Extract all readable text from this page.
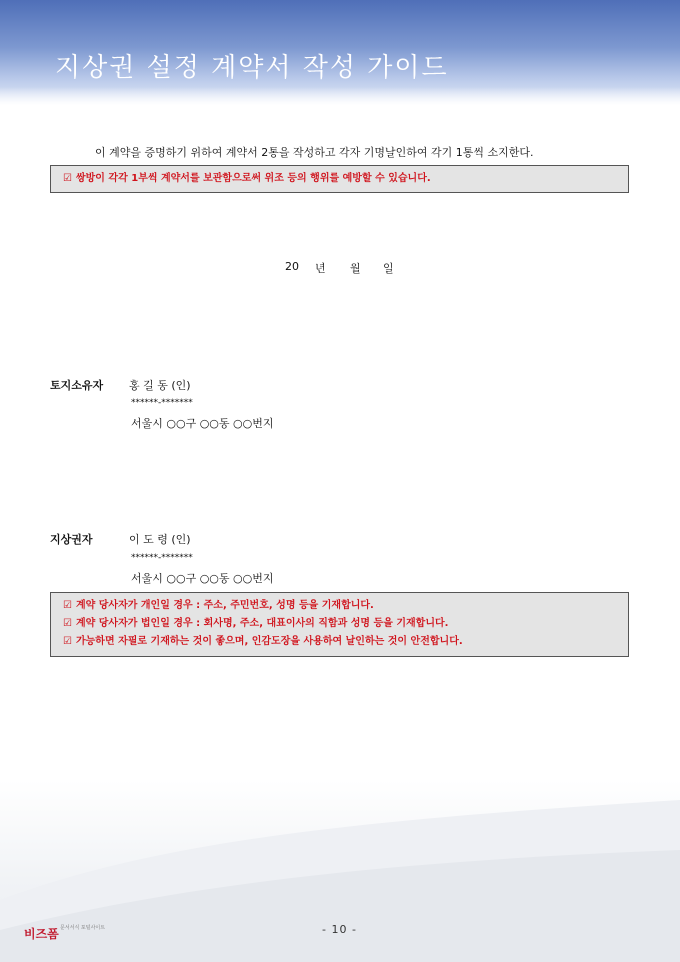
지상권 설정 계약서 작성 가이드
이 계약을 증명하기 위하여 계약서 2통을 작성하고 각자 기명날인하여 각기 1통씩 소지한다.
☑ 쌍방이 각각 1부씩 계약서를 보관함으로써 위조 등의 행위를 예방할 수 있습니다.
20 년 월 일
토지소유자 홍 길 동 (인)
******-*******
서울시 ○○구 ○○동 ○○번지
지상권자	이 도 령 (인)
******-*******
서울시 ○○구 ○○동 ○○번지
☑ 계약 당사자가 개인일 경우 : 주소, 주민번호, 성명 등을 기재합니다.
☑ 계약 당사자가 법인일 경우 : 회사명, 주소, 대표이사의 직함과 성명 등을 기재합니다.
☑ 가능하면 자필로 기재하는 것이 좋으며, 인감도장을 사용하여 날인하는 것이 안전합니다.
비즈폼 문서서식 포털사이트	- 10 -
